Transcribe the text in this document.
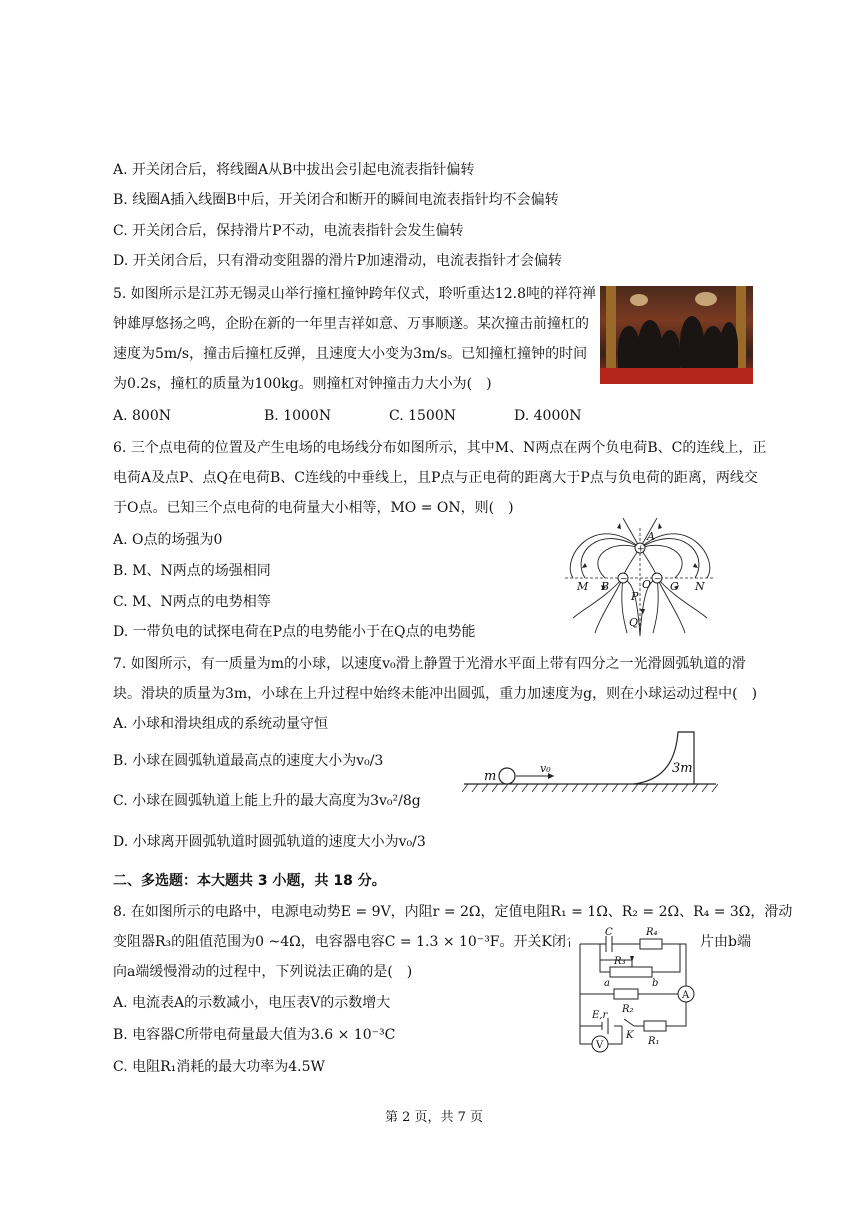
A. 开关闭合后，将线圈A从B中拔出会引起电流表指针偏转
B. 线圈A插入线圈B中后，开关闭合和断开的瞬间电流表指针均不会偏转
C. 开关闭合后，保持滑片P不动，电流表指针会发生偏转
D. 开关闭合后，只有滑动变阻器的滑片P加速滑动，电流表指针才会偏转
5. 如图所示是江苏无锡灵山举行撞杠撞钟跨年仪式，聆听重达12.8吨的祥符禅
钟雄厚悠扬之鸣，企盼在新的一年里吉祥如意、万事顺遂。某次撞击前撞杠的
速度为5m/s，撞击后撞杠反弹，且速度大小变为3m/s。已知撞杠撞钟的时间
为0.2s，撞杠的质量为100kg。则撞杠对钟撞击力大小为(　)
A. 800N	B. 1000N	C. 1500N	D. 4000N
6. 三个点电荷的位置及产生电场的电场线分布如图所示，其中M、N两点在两个负电荷B、C的连线上，正
电荷A及点P、点Q在电荷B、C连线的中垂线上，且P点与正电荷的距离大于P点与负电荷的距离，两线交
于O点。已知三个点电荷的电荷量大小相等，MO = ON，则(　)
A. O点的场强为0
B. M、N两点的场强相同
C. M、N两点的电势相等
D. 一带负电的试探电荷在P点的电势能小于在Q点的电势能
+
−	−
A
B	C
M	N
O
P
Q
7. 如图所示，有一质量为m的小球，以速度v₀滑上静置于光滑水平面上带有四分之一光滑圆弧轨道的滑
块。滑块的质量为3m，小球在上升过程中始终未能冲出圆弧，重力加速度为g，则在小球运动过程中(　)
A. 小球和滑块组成的系统动量守恒
B. 小球在圆弧轨道最高点的速度大小为v₀/3
C. 小球在圆弧轨道上能上升的最大高度为3v₀²/8g
D. 小球离开圆弧轨道时圆弧轨道的速度大小为v₀/3
m
v₀	3m
二、多选题：本大题共 3 小题，共 18 分。
8. 在如图所示的电路中，电源电动势E = 9V，内阻r = 2Ω，定值电阻R₁ = 1Ω、R₂ = 2Ω、R₄ = 3Ω，滑动
变阻器R₃的阻值范围为0 ~4Ω，电容器电容C = 1.3 × 10⁻³F。开关K闭合后，	片由b端
向a端缓慢滑动的过程中，下列说法正确的是(　)
A. 电流表A的示数减小，电压表V的示数增大
B. 电容器C所带电荷量最大值为3.6 × 10⁻³C
C. 电阻R₁消耗的最大功率为4.5W
C	R₄
R₃
a	b
R₂
A
E,r
K
R₁
V
第 2 页，共 7 页
